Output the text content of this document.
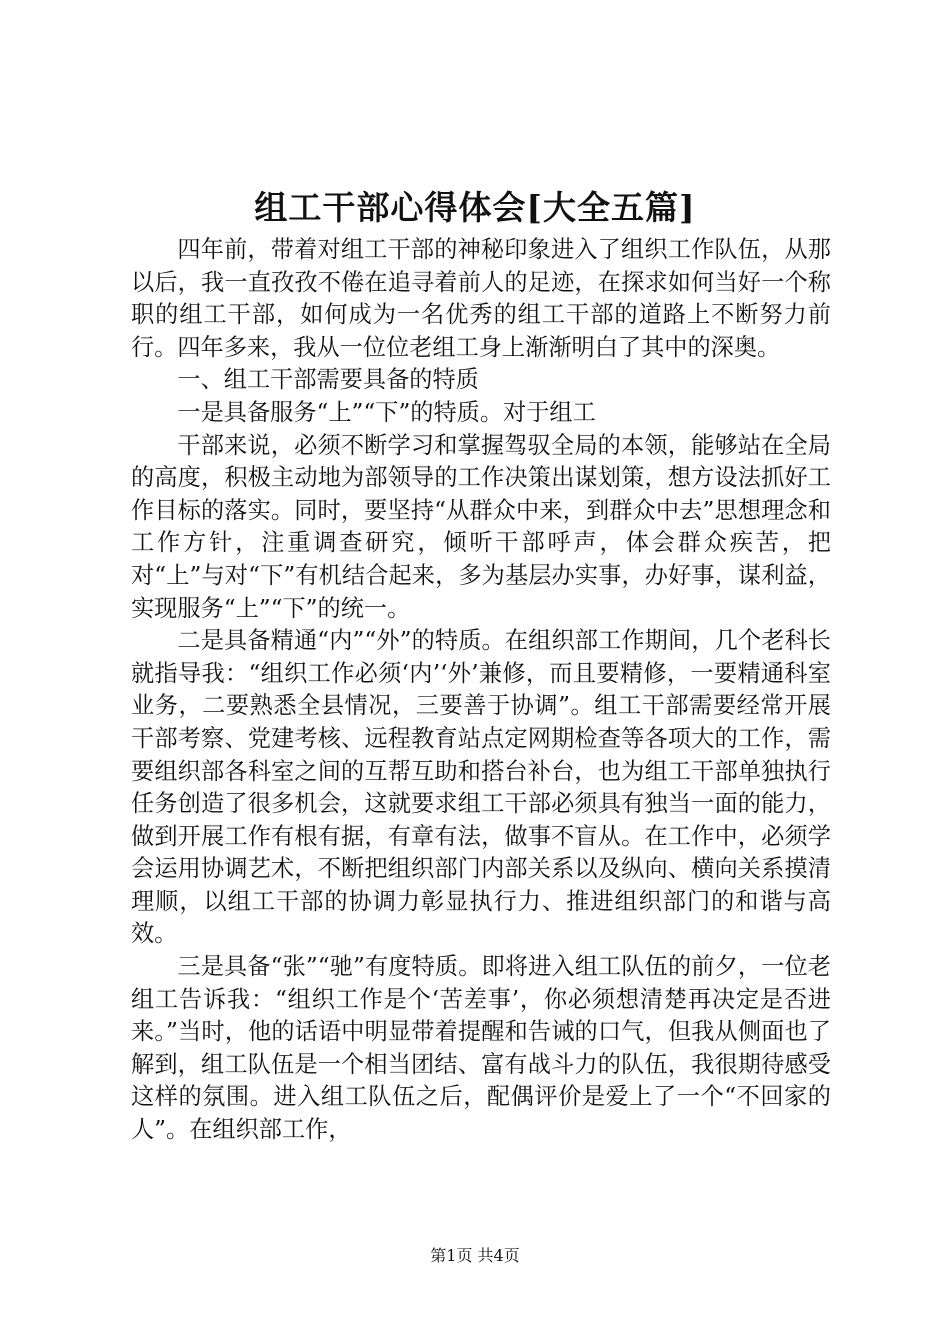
组工干部心得体会[大全五篇]

四年前，带着对组工干部的神秘印象进入了组织工作队伍，从那以后，我一直孜孜不倦在追寻着前人的足迹，在探求如何当好一个称职的组工干部，如何成为一名优秀的组工干部的道路上不断努力前行。四年多来，我从一位位老组工身上渐渐明白了其中的深奥。

一、组工干部需要具备的特质

一是具备服务“上”“下”的特质。对于组工

干部来说，必须不断学习和掌握驾驭全局的本领，能够站在全局的高度，积极主动地为部领导的工作决策出谋划策，想方设法抓好工作目标的落实。同时，要坚持“从群众中来，到群众中去”思想理念和工作方针，注重调查研究，倾听干部呼声，体会群众疾苦，把对“上”与对“下”有机结合起来，多为基层办实事，办好事，谋利益，实现服务“上”“下”的统一。

二是具备精通“内”“外”的特质。在组织部工作期间，几个老科长就指导我：“组织工作必须‘内’‘外’兼修，而且要精修，一要精通科室业务，二要熟悉全县情况，三要善于协调”。组工干部需要经常开展干部考察、党建考核、远程教育站点定网期检查等各项大的工作，需要组织部各科室之间的互帮互助和搭台补台，也为组工干部单独执行任务创造了很多机会，这就要求组工干部必须具有独当一面的能力，做到开展工作有根有据，有章有法，做事不盲从。在工作中，必须学会运用协调艺术，不断把组织部门内部关系以及纵向、横向关系摸清理顺，以组工干部的协调力彰显执行力、推进组织部门的和谐与高效。

三是具备“张”“驰”有度特质。即将进入组工队伍的前夕，一位老组工告诉我：“组织工作是个‘苦差事’，你必须想清楚再决定是否进来。”当时，他的话语中明显带着提醒和告诫的口气，但我从侧面也了解到，组工队伍是一个相当团结、富有战斗力的队伍，我很期待感受这样的氛围。进入组工队伍之后，配偶评价是爱上了一个“不回家的人”。在组织部工作，

第1页 共4页
